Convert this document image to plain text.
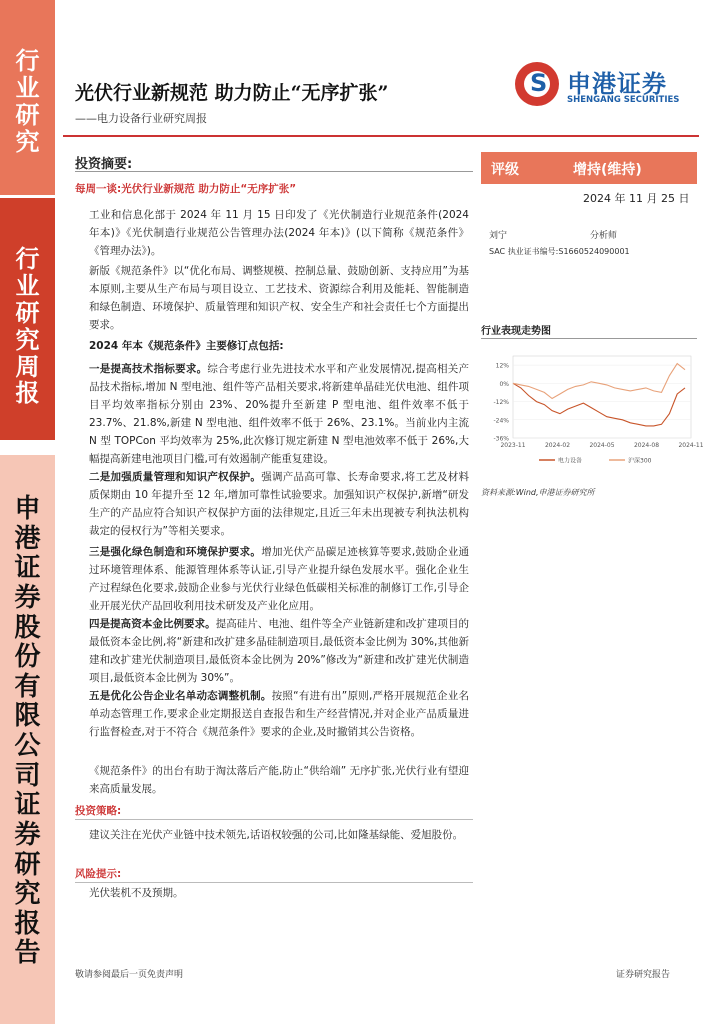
行
业
研
究
行
业
研
究
周
报
申
港
证
券
股
份
有
限
公
司
证
券
研
究
报
告
光伏行业新规范 助力防止“无序扩张”
——电力设备行业研究周报
S 申港证券
SHENGANG SECURITIES
投资摘要:
每周一谈:光伏行业新规范 助力防止“无序扩张”
工业和信息化部于 2024 年 11 月 15 日印发了《光伏制造行业规范条件(2024 年本)》《光伏制造行业规范公告管理办法(2024 年本)》(以下简称《规范条件》《管理办法》)。
新版《规范条件》以“优化布局、调整规模、控制总量、鼓励创新、支持应用”为基本原则,主要从生产布局与项目设立、工艺技术、资源综合利用及能耗、智能制造和绿色制造、环境保护、质量管理和知识产权、安全生产和社会责任七个方面提出要求。
2024 年本《规范条件》主要修订点包括:
一是提高技术指标要求。综合考虑行业先进技术水平和产业发展情况,提高相关产品技术指标,增加 N 型电池、组件等产品相关要求,将新建单晶硅光伏电池、组件项目平均效率指标分别由 23%、20%提升至新建 P 型电池、组件效率不低于 23.7%、21.8%,新建 N 型电池、组件效率不低于 26%、23.1%。当前业内主流 N 型 TOPCon 平均效率为 25%,此次修订规定新建 N 型电池效率不低于 26%,大幅提高新建电池项目门槛,可有效遏制产能重复建设。
二是加强质量管理和知识产权保护。强调产品高可靠、长寿命要求,将工艺及材料质保期由 10 年提升至 12 年,增加可靠性试验要求。加强知识产权保护,新增“研发生产的产品应符合知识产权保护方面的法律规定,且近三年未出现被专利执法机构裁定的侵权行为”等相关要求。
三是强化绿色制造和环境保护要求。增加光伏产品碳足迹核算等要求,鼓励企业通过环境管理体系、能源管理体系等认证,引导产业提升绿色发展水平。强化企业生产过程绿色化要求,鼓励企业参与光伏行业绿色低碳相关标准的制修订工作,引导企业开展光伏产品回收利用技术研发及产业化应用。
四是提高资本金比例要求。提高硅片、电池、组件等全产业链新建和改扩建项目的最低资本金比例,将“新建和改扩建多晶硅制造项目,最低资本金比例为 30%,其他新建和改扩建光伏制造项目,最低资本金比例为 20%”修改为“新建和改扩建光伏制造项目,最低资本金比例为 30%”。
五是优化公告企业名单动态调整机制。按照“有进有出”原则,严格开展规范企业名单动态管理工作,要求企业定期报送自查报告和生产经营情况,并对企业产品质量进行监督检查,对于不符合《规范条件》要求的企业,及时撤销其公告资格。
《规范条件》的出台有助于淘汰落后产能,防止“供给端” 无序扩张,光伏行业有望迎来高质量发展。
投资策略:
建议关注在光伏产业链中技术领先,话语权较强的公司,比如隆基绿能、爱旭股份。
风险提示:
光伏装机不及预期。
评级	增持(维持)
2024 年 11 月 25 日
刘宁	分析师
SAC 执业证书编号:S1660524090001
行业表现走势图
12%
0%
-12%
-24%
-36%
2023-11	2024-02	2024-05	2024-08	2024-11
电力设备	沪深300
资料来源:Wind,申港证券研究所
敬请参阅最后一页免责声明	证券研究报告
